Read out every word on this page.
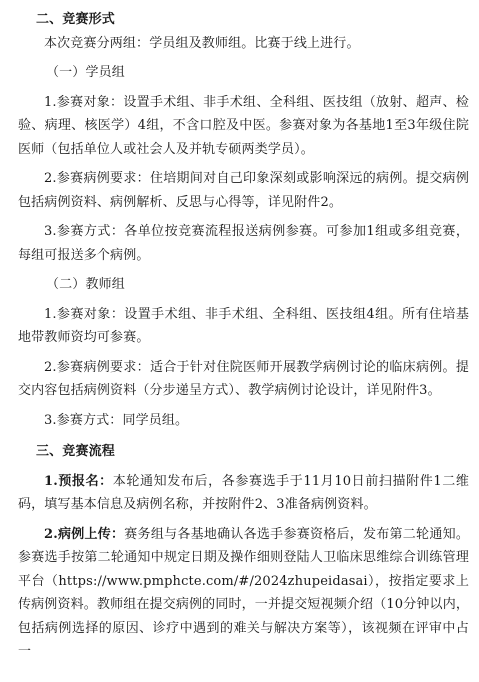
二、竞赛形式
本次竞赛分两组：学员组及教师组。比赛于线上进行。
（一）学员组
1.参赛对象：设置手术组、非手术组、全科组、医技组（放射、超声、检验、病理、核医学）4组，不含口腔及中医。参赛对象为各基地1至3年级住院医师（包括单位人或社会人及并轨专硕两类学员）。
2.参赛病例要求：住培期间对自己印象深刻或影响深远的病例。提交病例包括病例资料、病例解析、反思与心得等，详见附件2。
3.参赛方式：各单位按竞赛流程报送病例参赛。可参加1组或多组竞赛，每组可报送多个病例。
（二）教师组
1.参赛对象：设置手术组、非手术组、全科组、医技组4组。所有住培基地带教师资均可参赛。
2.参赛病例要求：适合于针对住院医师开展教学病例讨论的临床病例。提交内容包括病例资料（分步递呈方式）、教学病例讨论设计，详见附件3。
3.参赛方式：同学员组。
三、竞赛流程
1.预报名：本轮通知发布后，各参赛选手于11月10日前扫描附件1二维码，填写基本信息及病例名称，并按附件2、3准备病例资料。
2.病例上传：赛务组与各基地确认各选手参赛资格后，发布第二轮通知。参赛选手按第二轮通知中规定日期及操作细则登陆人卫临床思维综合训练管理平台（https://www.pmphcte.com/#/2024zhupeidasai），按指定要求上传病例资料。教师组在提交病例的同时，一并提交短视频介绍（10分钟以内，包括病例选择的原因、诊疗中遇到的难关与解决方案等），该视频在评审中占一
